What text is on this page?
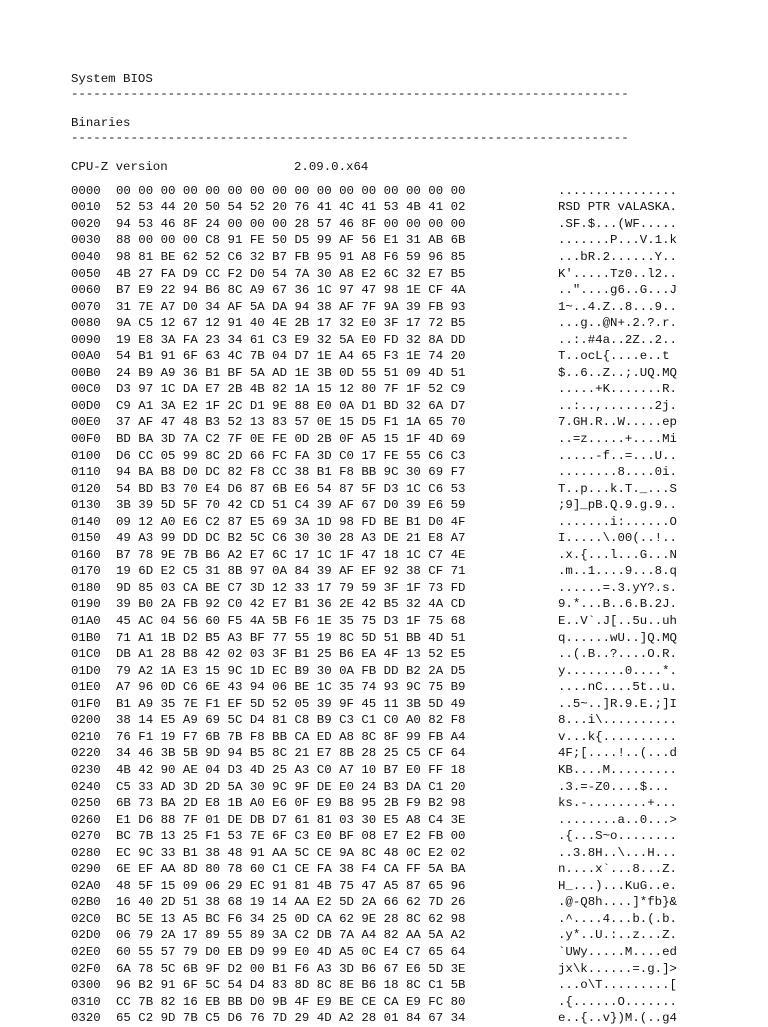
System BIOS
---------------------------------------------------------------------------
Binaries
---------------------------------------------------------------------------
CPU-Z version	2.09.0.x64
0000	00 00 00 00 00 00 00 00 00 00 00 00 00 00 00 00	................
0010	52 53 44 20 50 54 52 20 76 41 4C 41 53 4B 41 02	RSD PTR vALASKA.
0020	94 53 46 8F 24 00 00 00 28 57 46 8F 00 00 00 00	.SF.$...(WF.....
0030	88 00 00 00 C8 91 FE 50 D5 99 AF 56 E1 31 AB 6B	.......P...V.1.k
0040	98 81 BE 62 52 C6 32 B7 FB 95 91 A8 F6 59 96 85	...bR.2......Y..
0050	4B 27 FA D9 CC F2 D0 54 7A 30 A8 E2 6C 32 E7 B5	K'.....Tz0..l2..
0060	B7 E9 22 94 B6 8C A9 67 36 1C 97 47 98 1E CF 4A	.."....g6..G...J
0070	31 7E A7 D0 34 AF 5A DA 94 38 AF 7F 9A 39 FB 93	1~..4.Z..8...9..
0080	9A C5 12 67 12 91 40 4E 2B 17 32 E0 3F 17 72 B5	...g..@N+.2.?.r.
0090	19 E8 3A FA 23 34 61 C3 E9 32 5A E0 FD 32 8A DD	..:.#4a..2Z..2..
00A0	54 B1 91 6F 63 4C 7B 04 D7 1E A4 65 F3 1E 74 20	T..ocL{....e..t
00B0	24 B9 A9 36 B1 BF 5A AD 1E 3B 0D 55 51 09 4D 51	$..6..Z..;.UQ.MQ
00C0	D3 97 1C DA E7 2B 4B 82 1A 15 12 80 7F 1F 52 C9	.....+K.......R.
00D0	C9 A1 3A E2 1F 2C D1 9E 88 E0 0A D1 BD 32 6A D7	..:..,.......2j.
00E0	37 AF 47 48 B3 52 13 83 57 0E 15 D5 F1 1A 65 70	7.GH.R..W.....ep
00F0	BD BA 3D 7A C2 7F 0E FE 0D 2B 0F A5 15 1F 4D 69	..=z.....+....Mi
0100	D6 CC 05 99 8C 2D 66 FC FA 3D C0 17 FE 55 C6 C3	.....-f..=...U..
0110	94 BA B8 D0 DC 82 F8 CC 38 B1 F8 BB 9C 30 69 F7	........8....0i.
0120	54 BD B3 70 E4 D6 87 6B E6 54 87 5F D3 1C C6 53	T..p...k.T._...S
0130	3B 39 5D 5F 70 42 CD 51 C4 39 AF 67 D0 39 E6 59	;9]_pB.Q.9.g.9..
0140	09 12 A0 E6 C2 87 E5 69 3A 1D 98 FD BE B1 D0 4F	.......i:......O
0150	49 A3 99 DD DC B2 5C C6 30 30 28 A3 DE 21 E8 A7	I.....\.00(..!..
0160	B7 78 9E 7B B6 A2 E7 6C 17 1C 1F 47 18 1C C7 4E	.x.{...l...G...N
0170	19 6D E2 C5 31 8B 97 0A 84 39 AF EF 92 38 CF 71	.m..1....9...8.q
0180	9D 85 03 CA BE C7 3D 12 33 17 79 59 3F 1F 73 FD	......=.3.yY?.s.
0190	39 B0 2A FB 92 C0 42 E7 B1 36 2E 42 B5 32 4A CD	9.*...B..6.B.2J.
01A0	45 AC 04 56 60 F5 4A 5B F6 1E 35 75 D3 1F 75 68	E..V`.J[..5u..uh
01B0	71 A1 1B D2 B5 A3 BF 77 55 19 8C 5D 51 BB 4D 51	q......wU..]Q.MQ
01C0	DB A1 28 B8 42 02 03 3F B1 25 B6 EA 4F 13 52 E5	..(.B..?....O.R.
01D0	79 A2 1A E3 15 9C 1D EC B9 30 0A FB DD B2 2A D5	y........0....*.
01E0	A7 96 0D C6 6E 43 94 06 BE 1C 35 74 93 9C 75 B9	....nC....5t..u.
01F0	B1 A9 35 7E F1 EF 5D 52 05 39 9F 45 11 3B 5D 49	..5~..]R.9.E.;]I
0200	38 14 E5 A9 69 5C D4 81 C8 B9 C3 C1 C0 A0 82 F8	8...i\..........
0210	76 F1 19 F7 6B 7B F8 BB CA ED A8 8C 8F 99 FB A4	v...k{..........
0220	34 46 3B 5B 9D 94 B5 8C 21 E7 8B 28 25 C5 CF 64	4F;[....!..(...d
0230	4B 42 90 AE 04 D3 4D 25 A3 C0 A7 10 B7 E0 FF 18	KB....M.........
0240	C5 33 AD 3D 2D 5A 30 9C 9F DE E0 24 B3 DA C1 20	.3.=-Z0....$...
0250	6B 73 BA 2D E8 1B A0 E6 0F E9 B8 95 2B F9 B2 98	ks.-........+...
0260	E1 D6 88 7F 01 DE DB D7 61 81 03 30 E5 A8 C4 3E	........a..0...>
0270	BC 7B 13 25 F1 53 7E 6F C3 E0 BF 08 E7 E2 FB 00	.{...S~o........
0280	EC 9C 33 B1 38 48 91 AA 5C CE 9A 8C 48 0C E2 02	..3.8H..\...H...
0290	6E EF AA 8D 80 78 60 C1 CE FA 38 F4 CA FF 5A BA	n....x`...8...Z.
02A0	48 5F 15 09 06 29 EC 91 81 4B 75 47 A5 87 65 96	H_...)...KuG..e.
02B0	16 40 2D 51 38 68 19 14 AA E2 5D 2A 66 62 7D 26	.@-Q8h....]*fb}&
02C0	BC 5E 13 A5 BC F6 34 25 0D CA 62 9E 28 8C 62 98	.^....4...b.(.b.
02D0	06 79 2A 17 89 55 89 3A C2 DB 7A A4 82 AA 5A A2	.y*..U.:..z...Z.
02E0	60 55 57 79 D0 EB D9 99 E0 4D A5 0C E4 C7 65 64	`UWy.....M....ed
02F0	6A 78 5C 6B 9F D2 00 B1 F6 A3 3D B6 67 E6 5D 3E	jx\k......=.g.]>
0300	96 B2 91 6F 5C 54 D4 83 8D 8C 8E B6 18 8C C1 5B	...o\T.........[
0310	CC 7B 82 16 EB BB D0 9B 4F E9 BE CE CA E9 FC 80	.{......O.......
0320	65 C2 9D 7B C5 D6 76 7D 29 4D A2 28 01 84 67 34	e..{..v})M.(..g4
